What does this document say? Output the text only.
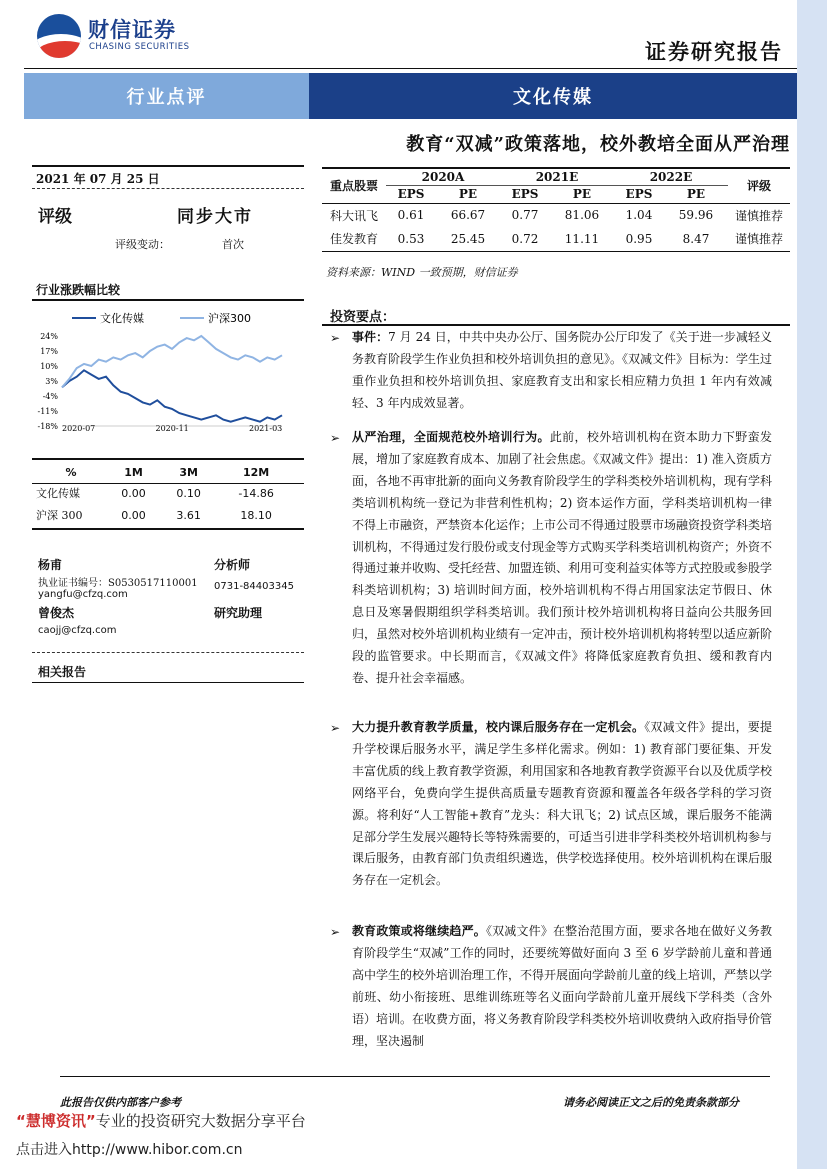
财信证券
CHASING SECURITIES	证券研究报告
行业点评	文化传媒
教育“双减”政策落地，校外教培全面从严治理
2021 年 07 月 25 日
评级	同步大市
评级变动：	首次
行业涨跌幅比较
文化传媒	沪深300
24%
17%
10%
3%
-4%
-11%
-18% 2020-07	2020-11	2021-03
%	1M	3M	12M
文化传媒	0.00	0.10	-14.86
沪深 300	0.00	3.61	18.10
杨甫	分析师
执业证书编号：S0530517110001 0731-84403345
yangfu@cfzq.com
曾俊杰	研究助理
caojj@cfzq.com
相关报告
重点股票	2020A		2021E		2022E		评级
	EPS	PE	EPS	PE	EPS	PE	
科大讯飞	0.61	66.67	0.77	81.06	1.04	59.96	谨慎推荐
佳发教育	0.53	25.45	0.72	11.11	0.95	8.47	谨慎推荐
资料来源：WIND 一致预期，财信证券
投资要点：
➢ 事件：7 月 24 日，中共中央办公厅、国务院办公厅印发了《关于进一步减轻义务教育阶段学生作业负担和校外培训负担的意见》。《双减文件》目标为：学生过重作业负担和校外培训负担、家庭教育支出和家长相应精力负担 1 年内有效减轻、3 年内成效显著。
➢ 从严治理，全面规范校外培训行为。此前，校外培训机构在资本助力下野蛮发展，增加了家庭教育成本、加剧了社会焦虑。《双减文件》提出：1) 准入资质方面，各地不再审批新的面向义务教育阶段学生的学科类校外培训机构，现有学科类培训机构统一登记为非营利性机构；2) 资本运作方面，学科类培训机构一律不得上市融资，严禁资本化运作；上市公司不得通过股票市场融资投资学科类培训机构，不得通过发行股份或支付现金等方式购买学科类培训机构资产；外资不得通过兼并收购、受托经营、加盟连锁、利用可变利益实体等方式控股或参股学科类培训机构；3) 培训时间方面，校外培训机构不得占用国家法定节假日、休息日及寒暑假期组织学科类培训。我们预计校外培训机构将日益向公共服务回归，虽然对校外培训机构业绩有一定冲击，预计校外培训机构将转型以适应新阶段的监管要求。中长期而言，《双减文件》将降低家庭教育负担、缓和教育内卷、提升社会幸福感。
➢ 大力提升教育教学质量，校内课后服务存在一定机会。《双减文件》提出，要提升学校课后服务水平，满足学生多样化需求。例如：1) 教育部门要征集、开发丰富优质的线上教育教学资源，利用国家和各地教育教学资源平台以及优质学校网络平台，免费向学生提供高质量专题教育资源和覆盖各年级各学科的学习资源。将利好“人工智能+教育”龙头：科大讯飞；2) 试点区域，课后服务不能满足部分学生发展兴趣特长等特殊需要的，可适当引进非学科类校外培训机构参与课后服务，由教育部门负责组织遴选，供学校选择使用。校外培训机构在课后服务存在一定机会。
➢ 教育政策或将继续趋严。《双减文件》在整治范围方面，要求各地在做好义务教育阶段学生“双减”工作的同时，还要统筹做好面向 3 至 6 岁学龄前儿童和普通高中学生的校外培训治理工作，不得开展面向学龄前儿童的线上培训，严禁以学前班、幼小衔接班、思维训练班等名义面向学龄前儿童开展线下学科类（含外语）培训。在收费方面，将义务教育阶段学科类校外培训收费纳入政府指导价管理，坚决遏制
此报告仅供内部客户参考	请务必阅读正文之后的免责条款部分
“慧博资讯”专业的投资研究大数据分享平台
点击进入http://www.hibor.com.cn
